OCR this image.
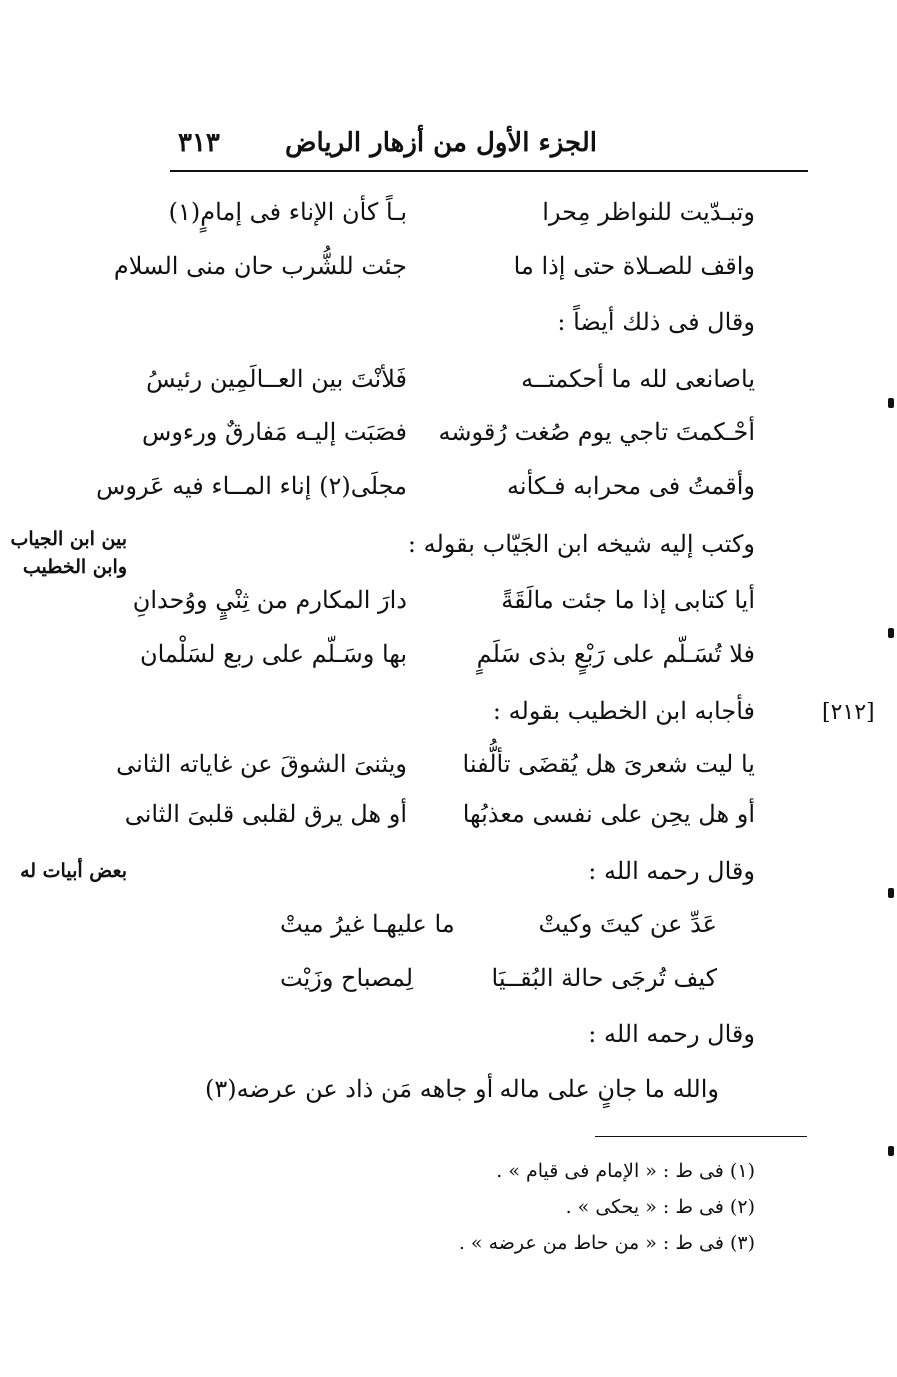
الجزء الأول من أزهار الرياض
٣١٣
وتبـدّيت للنواظر مِحرا
بـاً كأن الإناء فى إمامٍ(١)
واقف للصـلاة حتى إذا ما
جئت للشُّرب حان منى السلام
وقال فى ذلك أيضاً :
ياصانعى لله ما أحكمتــه
فَلأنْتَ بين العــالَمِين رئيسُ
أحْـكمتَ تاجي يوم صُغت رُقوشه
فصَبَت إليـه مَفارقٌ ورءوس
وأقمتُ فى محرابه فـكأنه
مجلَى(٢) إناء المــاء فيه عَروس
وكتب إليه شيخه ابن الجَيّاب بقوله :
أيا كتابى إذا ما جئت مالَقَةً
دارَ المكارم من ثِنْيٍ ووُحدانِ
فلا تُسَـلّم على رَبْعٍ بذى سَلَمٍ
بها وسَـلّم على ربع لسَلْمان
فأجابه ابن الخطيب بقوله :
يا ليت شعرىَ هل يُقضَى تألُّفنا
ويثنىَ الشوقَ عن غاياته الثانى
أو هل يحِن على نفسى معذبُها
أو هل يرق لقلبى قلبىَ الثانى
وقال رحمه الله :
عَدِّ عن كيتَ وكيتْ
ما عليهـا غيرُ ميتْ
كيف تُرجَى حالة البُقــيَا
لِمصباح وزَيْت
وقال رحمه الله :
والله ما جانٍ على ماله
أو جاهه مَن ذاد عن عرضه(٣)
بين ابن الجياب
وابن الخطيب
بعض أبيات له
[٢١٢]
(١) فى ط : « الإمام فى قيام » .
(٢) فى ط : « يحكى » .
(٣) فى ط : « من حاط من عرضه » .
